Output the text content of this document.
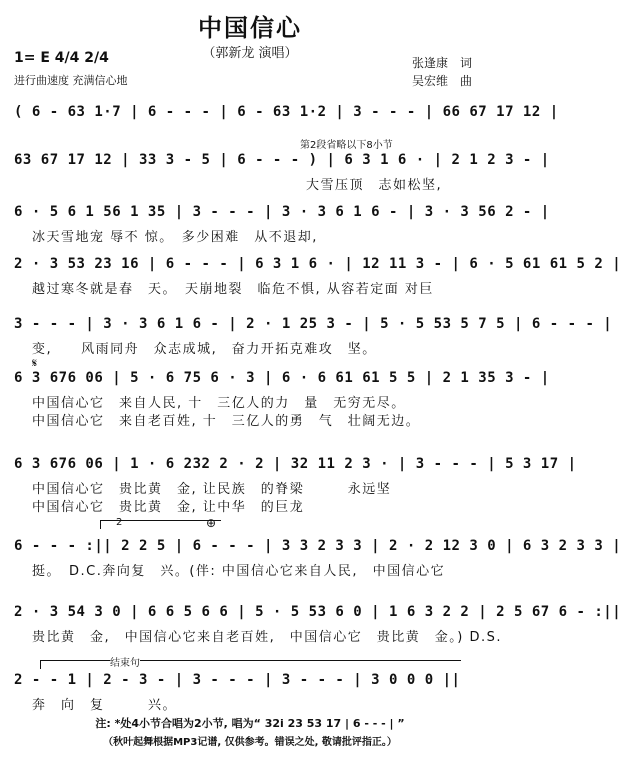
中国信心
（郭新龙 演唱）
1= E 4/4 2/4
进行曲速度 充满信心地
张逢康　词
吴宏维　曲
( 6 - 63 1·7 | 6 - - - | 6 - 63 1·2 | 3 - - - | 66 67 17 12 |
第2段省略以下8小节
63 67 17 12 | 33 3 - 5 | 6 - - - ) | 6 3 1 6 · | 2 1 2 3 - |
大雪压顶　志如松坚,
6 · 5 6 1 56 1 35 | 3 - - - | 3 · 3 6 1 6 - | 3 · 3 56 2 - |
冰天雪地宠 辱不 惊。　多少困难　从不退却,
2 · 3 53 23 16 | 6 - - - | 6 3 1 6 · | 12 11 3 - | 6 · 5 61 61 5 2 |
越过寒冬就是春　天。　天崩地裂　临危不惧, 从容若定面 对巨
3 - - - | 3 · 3 6 1 6 - | 2 · 1 25 3 - | 5 · 5 53 5 7 5 | 6 - - - |
变,　　风雨同舟　众志成城,　奋力开拓克难攻　坚。
𝄋
6 3 676 06 | 5 · 6 75 6 · 3 | 6 · 6 61 61 5 5 | 2 1 35 3 - |
中国信心它　来自人民, 十　三亿人的力　量　无穷无尽。
中国信心它　来自老百姓, 十　三亿人的勇　气　壮阔无边。
6 3 676 06 | 1 · 6 232 2 · 2 | 32 11 2 3 · | 3 - - - | 5 3 17 |
中国信心它　贵比黄　金, 让民族　的脊梁　　　永远坚
中国信心它　贵比黄　金, 让中华　的巨龙
2	⊕
6 - - - :|| 2 2 5 | 6 - - - | 3 3 2 3 3 | 2 · 2 12 3 0 | 6 3 2 3 3 |
挺。　D.C.奔向复　兴。(伴: 中国信心它来自人民,　中国信心它
2 · 3 54 3 0 | 6 6 5 6 6 | 5 · 5 53 6 0 | 1 6 3 2 2 | 2 5 67 6 - :||
贵比黄　金,　中国信心它来自老百姓,　中国信心它　贵比黄　金。) D.S.
结束句
2 - - 1 | 2 - 3 - | 3 - - - | 3 - - - | 3 0 0 0 ||
奔　向　复　　　兴。
注: *处4小节合唱为2小节, 唱为“ 32i 23 53 17 | 6 - - - | ”
（秋叶起舞根据MP3记谱, 仅供参考。错误之处, 敬请批评指正。）
